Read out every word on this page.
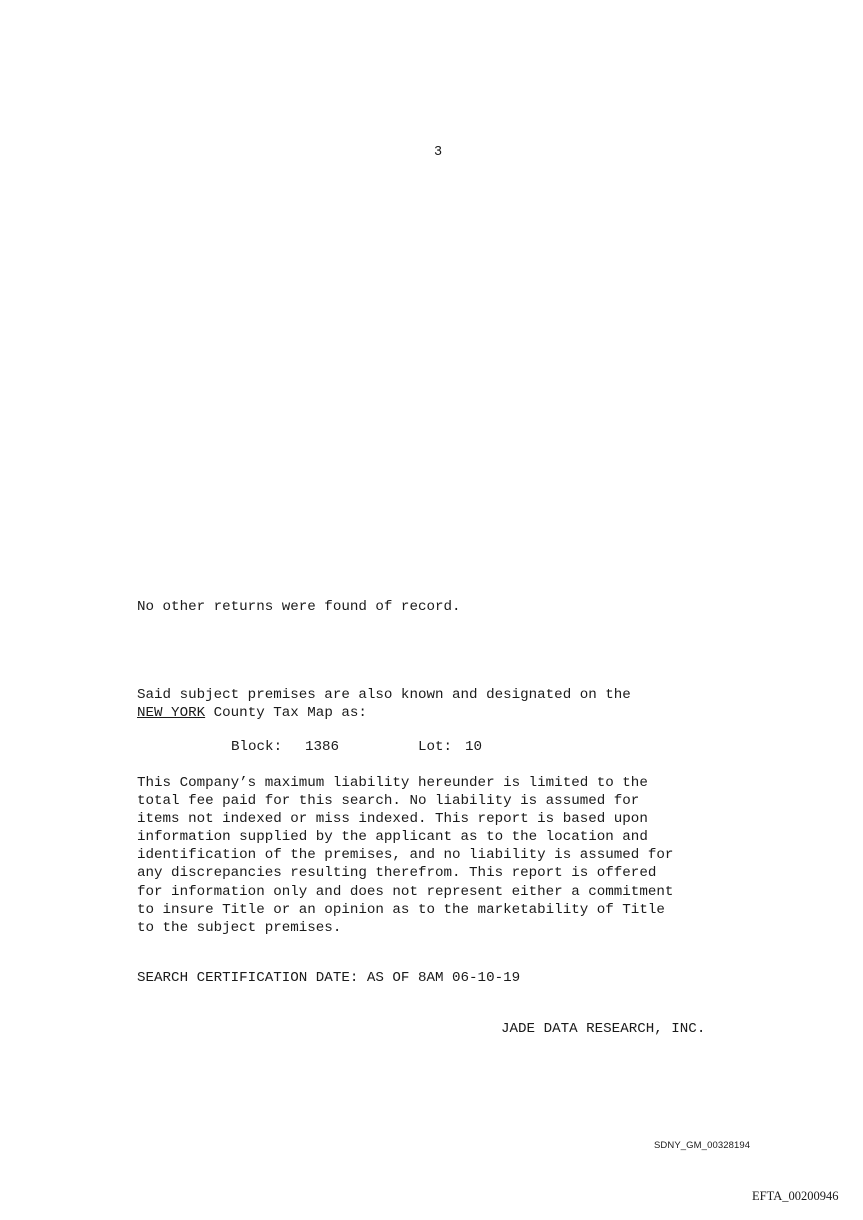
3
No other returns were found of record.
Said subject premises are also known and designated on the
NEW YORK County Tax Map as:
Block: 1386	Lot: 10
This Company’s maximum liability hereunder is limited to the
total fee paid for this search. No liability is assumed for
items not indexed or miss indexed. This report is based upon
information supplied by the applicant as to the location and
identification of the premises, and no liability is assumed for
any discrepancies resulting therefrom. This report is offered
for information only and does not represent either a commitment
to insure Title or an opinion as to the marketability of Title
to the subject premises.
SEARCH CERTIFICATION DATE: AS OF 8AM 06-10-19
JADE DATA RESEARCH, INC.
SDNY_GM_00328194
EFTA_00200946
